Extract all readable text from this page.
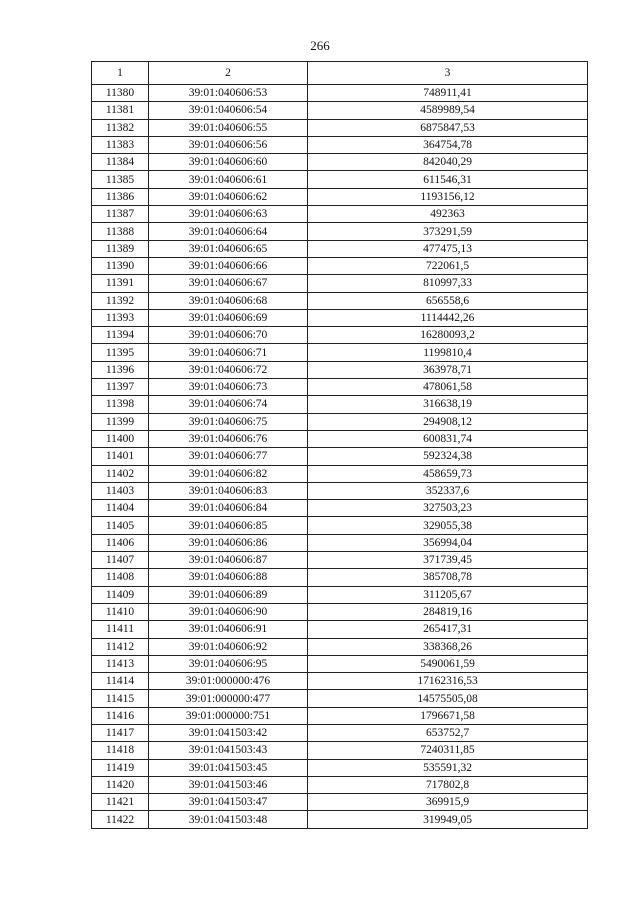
266
1	2	3
11380	39:01:040606:53	748911,41
11381	39:01:040606:54	4589989,54
11382	39:01:040606:55	6875847,53
11383	39:01:040606:56	364754,78
11384	39:01:040606:60	842040,29
11385	39:01:040606:61	611546,31
11386	39:01:040606:62	1193156,12
11387	39:01:040606:63	492363
11388	39:01:040606:64	373291,59
11389	39:01:040606:65	477475,13
11390	39:01:040606:66	722061,5
11391	39:01:040606:67	810997,33
11392	39:01:040606:68	656558,6
11393	39:01:040606:69	1114442,26
11394	39:01:040606:70	16280093,2
11395	39:01:040606:71	1199810,4
11396	39:01:040606:72	363978,71
11397	39:01:040606:73	478061,58
11398	39:01:040606:74	316638,19
11399	39:01:040606:75	294908,12
11400	39:01:040606:76	600831,74
11401	39:01:040606:77	592324,38
11402	39:01:040606:82	458659,73
11403	39:01:040606:83	352337,6
11404	39:01:040606:84	327503,23
11405	39:01:040606:85	329055,38
11406	39:01:040606:86	356994,04
11407	39:01:040606:87	371739,45
11408	39:01:040606:88	385708,78
11409	39:01:040606:89	311205,67
11410	39:01:040606:90	284819,16
11411	39:01:040606:91	265417,31
11412	39:01:040606:92	338368,26
11413	39:01:040606:95	5490061,59
11414	39:01:000000:476	17162316,53
11415	39:01:000000:477	14575505,08
11416	39:01:000000:751	1796671,58
11417	39:01:041503:42	653752,7
11418	39:01:041503:43	7240311,85
11419	39:01:041503:45	535591,32
11420	39:01:041503:46	717802,8
11421	39:01:041503:47	369915,9
11422	39:01:041503:48	319949,05
